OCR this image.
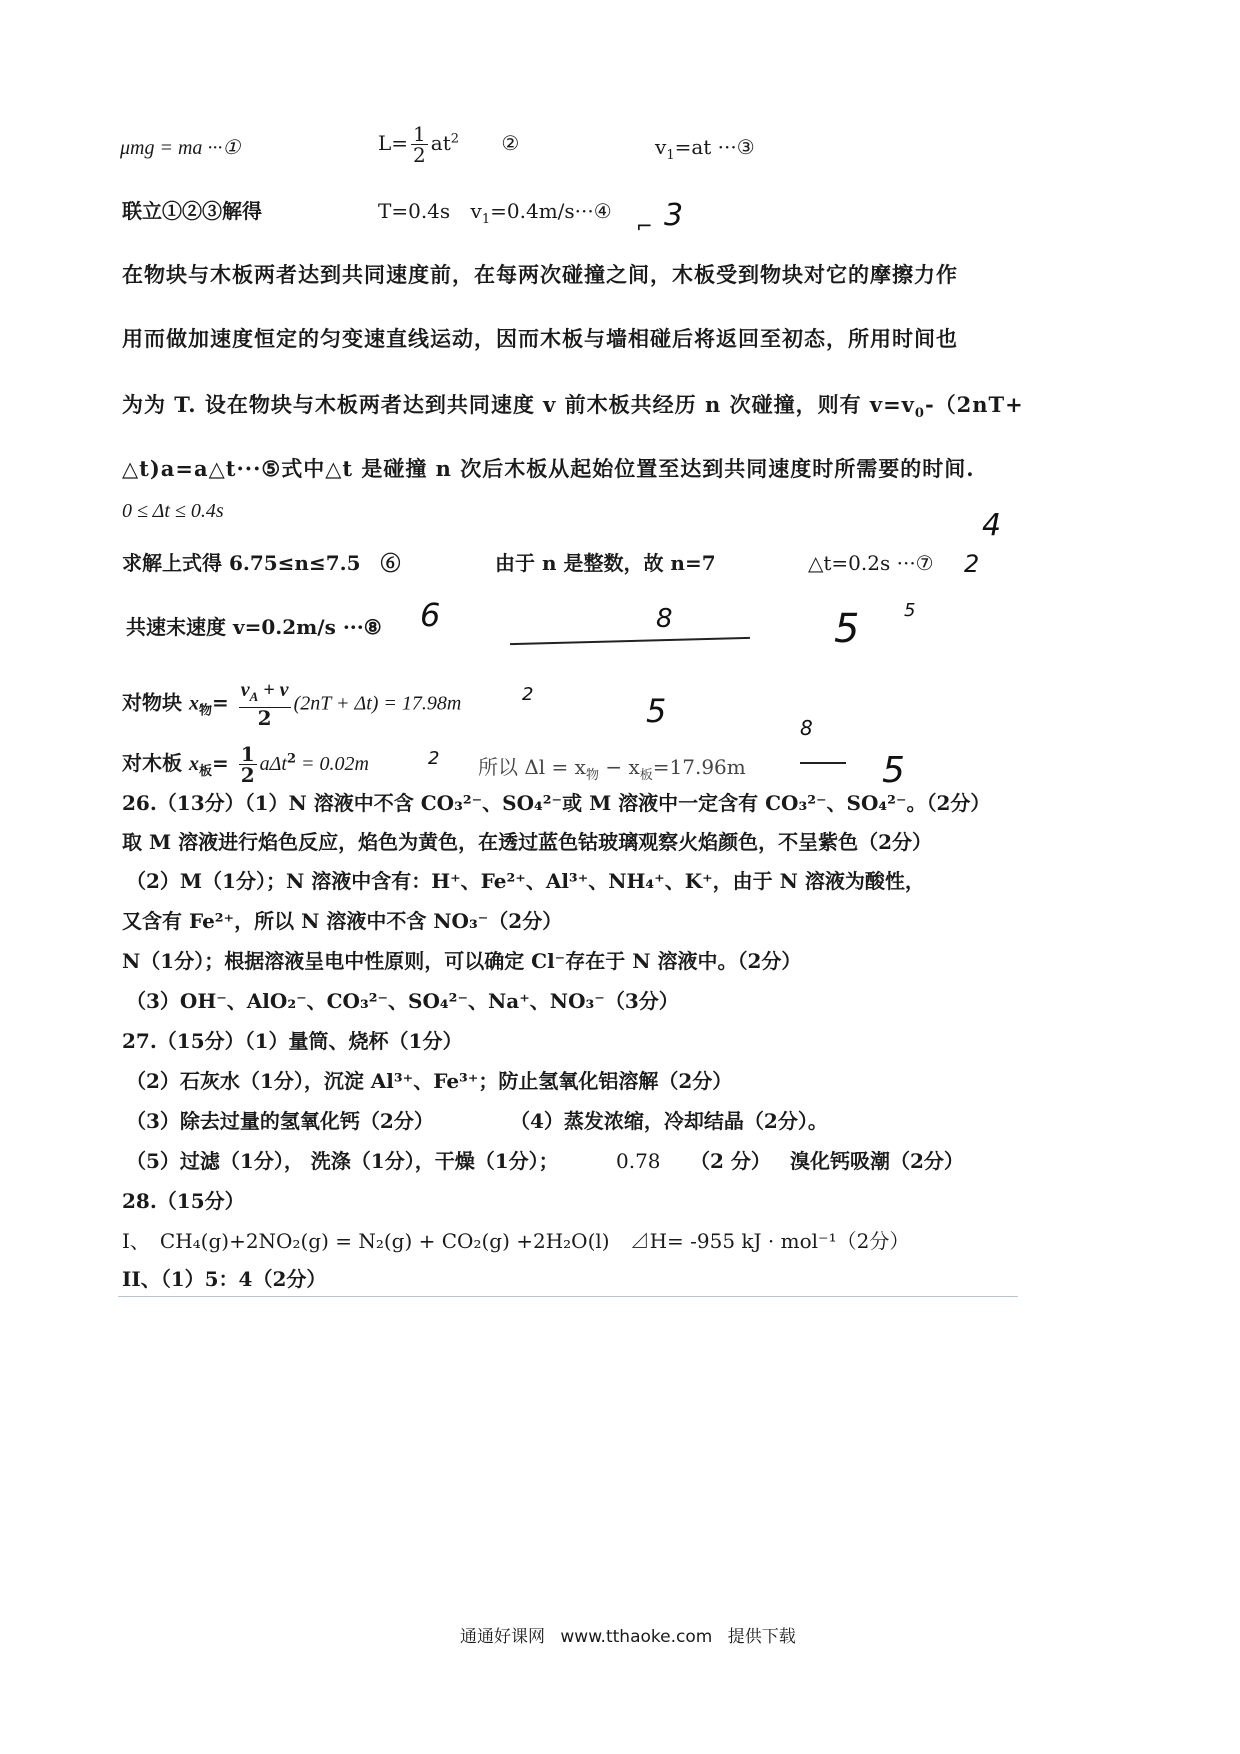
μmg = ma ···①	$L= \frac{1}{2} at^2$ ②	$v_1=at$ ···③
联立①②③解得	T=0.4s $v_1=0.4m/s\cdot\cdot\cdot ④$
在物块与木板两者达到共同速度前，在每两次碰撞之间，木板受到物块对它的摩擦力作
用而做加速度恒定的匀变速直线运动，因而木板与墙相碰后将返回至初态，所用时间也
为为 T. 设在物块与木板两者达到共同速度 v 前木板共经历 n 次碰撞，则有 $v=v_0-(2nT+$
△t)a=a△t···⑤式中△t 是碰撞 n 次后木板从起始位置至达到共同速度时所需要的时间.
0 ≤ Δt ≤ 0.4s
求解上式得 6.75≤n≤7.5　⑥	由于 n 是整数，故 n=7	△t=0.2s ···⑦
共速末速度 v=0.2m/s ···⑧
对物块 $x_物= \frac{v_A + v}{2} (2nT + \Delta t) = 17.98m$
对木板 $x_板= \frac{1}{2} a\Delta t^2 = 0.02m$	所以 $\Delta l = x_物 - x_板=17.96m$
3
⌐
4
2
6	8	5 5
5
2
8
2	5
26.（13分）（1）N 溶液中不含 CO₃²⁻、SO₄²⁻或 M 溶液中一定含有 CO₃²⁻、SO₄²⁻。（2分）
取 M 溶液进行焰色反应，焰色为黄色，在透过蓝色钴玻璃观察火焰颜色，不呈紫色（2分）
（2）M（1分）；N 溶液中含有：H⁺、Fe²⁺、Al³⁺、NH₄⁺、K⁺，由于 N 溶液为酸性，
又含有 Fe²⁺，所以 N 溶液中不含 NO₃⁻（2分）
N（1分）；根据溶液呈电中性原则，可以确定 Cl⁻存在于 N 溶液中。（2分）
（3）OH⁻、AlO₂⁻、CO₃²⁻、SO₄²⁻、Na⁺、NO₃⁻（3分）
27.（15分）（1）量筒、烧杯（1分）
（2）石灰水（1分），沉淀 Al³⁺、Fe³⁺；防止氢氧化铝溶解（2分）
（3）除去过量的氢氧化钙（2分）	（4）蒸发浓缩，冷却结晶（2分）。
（5）过滤（1分）， 洗涤（1分），干燥（1分）；	0.78 （2 分） 溴化钙吸潮（2分）
28.（15分）
I、　CH₄(g)+2NO₂(g) = N₂(g) + CO₂(g) +2H₂O(l)　⊿H= -955 kJ · mol⁻¹（2分）
II、（1）5：4（2分）
通通好课网 www.tthaoke.com 提供下载
